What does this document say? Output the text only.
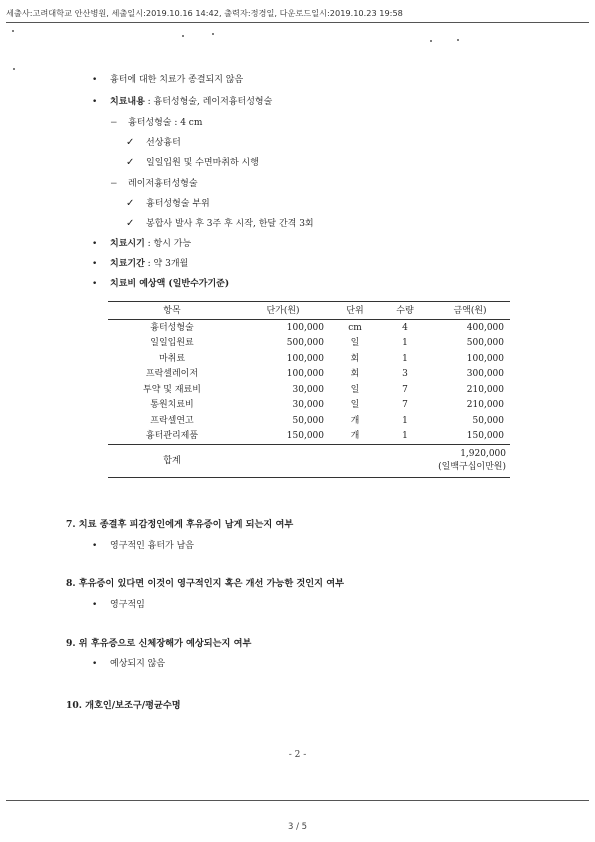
세출사:고려대학교 안산병원, 세출일시:2019.10.16 14:42, 출력자:정경일, 다운로드일시:2019.10.23 19:58
• 흉터에 대한 치료가 종결되지 않음
• 치료내용 : 흉터성형술, 레이저흉터성형술
− 흉터성형술 : 4 cm
✓ 선상흉터
✓ 일일입원 및 수면마취하 시행
− 레이저흉터성형술
✓ 흉터성형술 부위
✓ 봉합사 발사 후 3주 후 시작, 한달 간격 3회
• 치료시기 : 항시 가능
• 치료기간 : 약 3개월
• 치료비 예상액 (일반수가기준)
항목	단가(원)	단위	수량	금액(원)
흉터성형술	100,000	cm	4	400,000
일일입원료	500,000	일	1	500,000
마취료	100,000	회	1	100,000
프락셀레이저	100,000	회	3	300,000
투약 및 재료비	30,000	일	7	210,000
통원치료비	30,000	일	7	210,000
프락셀연고	50,000	개	1	50,000
흉터관리제품	150,000	개	1	150,000
합계				1,920,000
(일백구십이만원)
7. 치료 종결후 피감정인에게 후유증이 남게 되는지 여부
• 영구적인 흉터가 남음
8. 후유증이 있다면 이것이 영구적인지 혹은 개선 가능한 것인지 여부
• 영구적임
9. 위 후유증으로 신체장해가 예상되는지 여부
• 예상되지 않음
10. 개호인/보조구/평균수명
- 2 -
3 / 5
